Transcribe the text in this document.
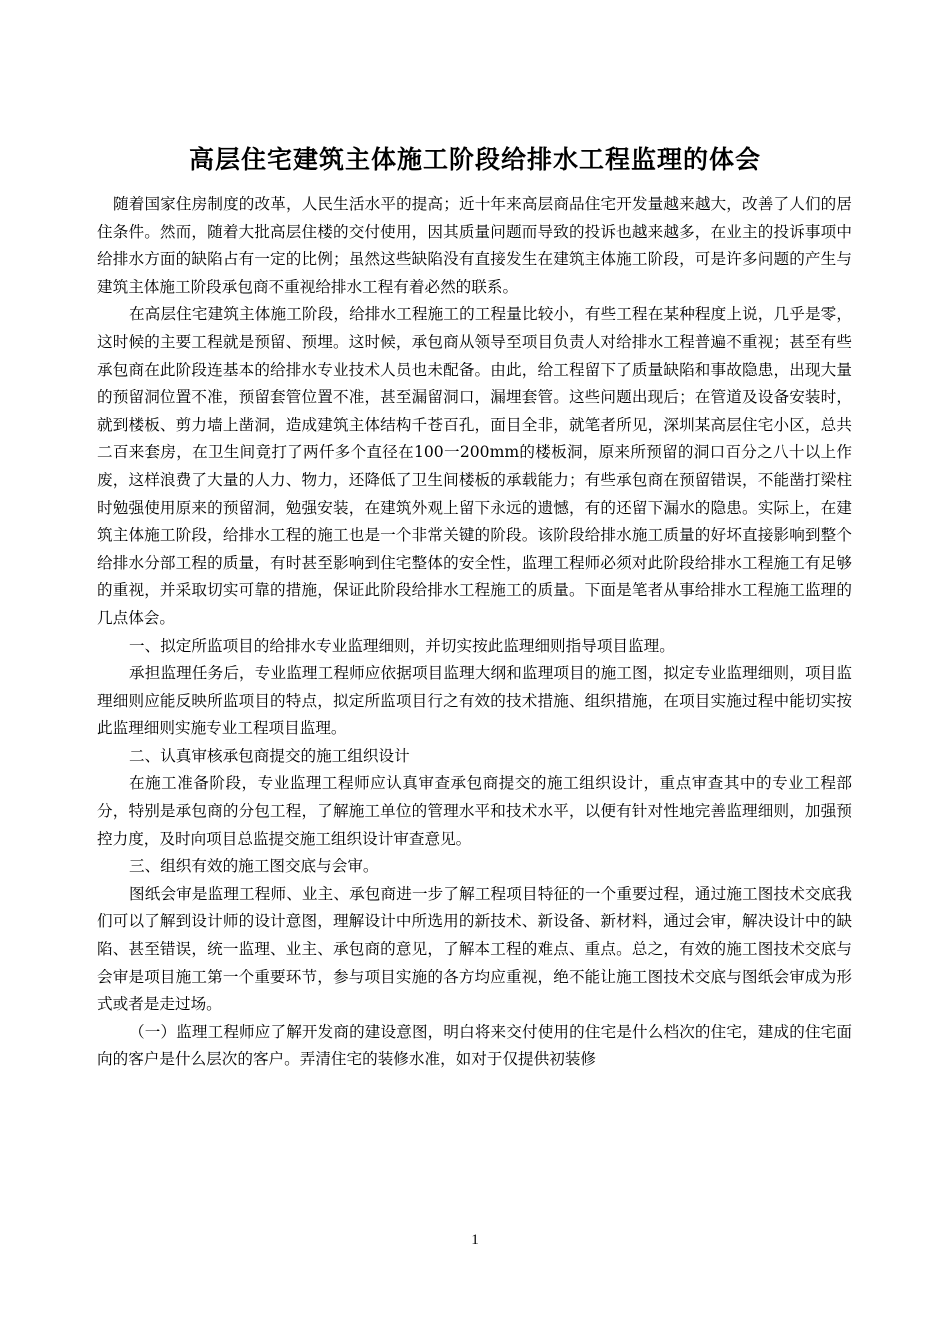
高层住宅建筑主体施工阶段给排水工程监理的体会

随着国家住房制度的改革，人民生活水平的提高；近十年来高层商品住宅开发量越来越大，改善了人们的居住条件。然而，随着大批高层住楼的交付使用，因其质量问题而导致的投诉也越来越多，在业主的投诉事项中给排水方面的缺陷占有一定的比例；虽然这些缺陷没有直接发生在建筑主体施工阶段，可是许多问题的产生与建筑主体施工阶段承包商不重视给排水工程有着必然的联系。

在高层住宅建筑主体施工阶段，给排水工程施工的工程量比较小，有些工程在某种程度上说，几乎是零，这时候的主要工程就是预留、预埋。这时候，承包商从领导至项目负责人对给排水工程普遍不重视；甚至有些承包商在此阶段连基本的给排水专业技术人员也未配备。由此，给工程留下了质量缺陷和事故隐患，出现大量的预留洞位置不准，预留套管位置不准，甚至漏留洞口，漏埋套管。这些问题出现后；在管道及设备安装时，就到楼板、剪力墙上凿洞，造成建筑主体结构千苍百孔，面目全非，就笔者所见，深圳某高层住宅小区，总共二百来套房，在卫生间竟打了两仟多个直径在100一200mm的楼板洞，原来所预留的洞口百分之八十以上作废，这样浪费了大量的人力、物力，还降低了卫生间楼板的承载能力；有些承包商在预留错误，不能凿打梁柱时勉强使用原来的预留洞，勉强安装，在建筑外观上留下永远的遗憾，有的还留下漏水的隐患。实际上，在建筑主体施工阶段，给排水工程的施工也是一个非常关键的阶段。该阶段给排水施工质量的好坏直接影响到整个给排水分部工程的质量，有时甚至影响到住宅整体的安全性，监理工程师必须对此阶段给排水工程施工有足够的重视，并采取切实可靠的措施，保证此阶段给排水工程施工的质量。下面是笔者从事给排水工程施工监理的几点体会。

一、拟定所监项目的给排水专业监理细则，并切实按此监理细则指导项目监理。

承担监理任务后，专业监理工程师应依据项目监理大纲和监理项目的施工图，拟定专业监理细则，项目监理细则应能反映所监项目的特点，拟定所监项目行之有效的技术措施、组织措施，在项目实施过程中能切实按此监理细则实施专业工程项目监理。

二、认真审核承包商提交的施工组织设计

在施工准备阶段，专业监理工程师应认真审查承包商提交的施工组织设计，重点审查其中的专业工程部分，特别是承包商的分包工程，了解施工单位的管理水平和技术水平，以便有针对性地完善监理细则，加强预控力度，及时向项目总监提交施工组织设计审查意见。

三、组织有效的施工图交底与会审。

图纸会审是监理工程师、业主、承包商进一步了解工程项目特征的一个重要过程，通过施工图技术交底我们可以了解到设计师的设计意图，理解设计中所选用的新技术、新设备、新材料，通过会审，解决设计中的缺陷、甚至错误，统一监理、业主、承包商的意见，了解本工程的难点、重点。总之，有效的施工图技术交底与会审是项目施工第一个重要环节，参与项目实施的各方均应重视，绝不能让施工图技术交底与图纸会审成为形式或者是走过场。

（一）监理工程师应了解开发商的建设意图，明白将来交付使用的住宅是什么档次的住宅，建成的住宅面向的客户是什么层次的客户。弄清住宅的装修水准，如对于仅提供初装修

1
